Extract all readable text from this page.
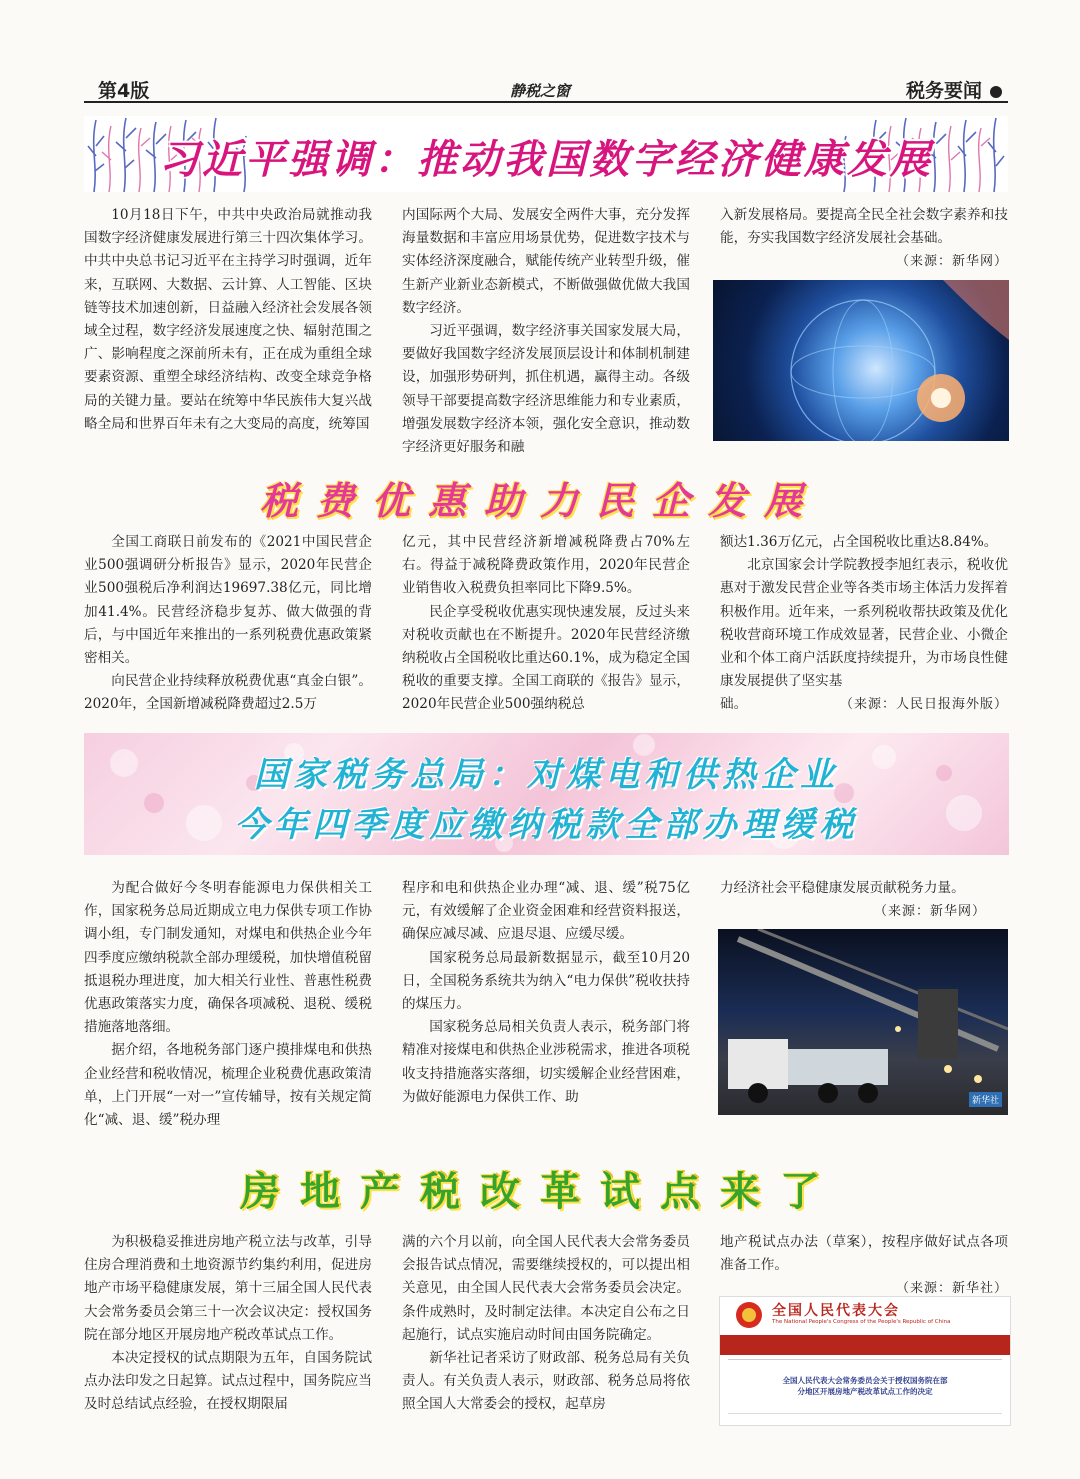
第4版	静税之窗	税务要闻
习近平强调：推动我国数字经济健康发展

10月18日下午，中共中央政治局就推动我国数字经济健康发展进行第三十四次集体学习。中共中央总书记习近平在主持学习时强调，近年来，互联网、大数据、云计算、人工智能、区块链等技术加速创新，日益融入经济社会发展各领域全过程，数字经济发展速度之快、辐射范围之广、影响程度之深前所未有，正在成为重组全球要素资源、重塑全球经济结构、改变全球竞争格局的关键力量。要站在统筹中华民族伟大复兴战略全局和世界百年未有之大变局的高度，统筹国

内国际两个大局、发展安全两件大事，充分发挥海量数据和丰富应用场景优势，促进数字技术与实体经济深度融合，赋能传统产业转型升级，催生新产业新业态新模式，不断做强做优做大我国数字经济。

习近平强调，数字经济事关国家发展大局，要做好我国数字经济发展顶层设计和体制机制建设，加强形势研判，抓住机遇，赢得主动。各级领导干部要提高数字经济思维能力和专业素质，增强发展数字经济本领，强化安全意识，推动数字经济更好服务和融

入新发展格局。要提高全民全社会数字素养和技能，夯实我国数字经济发展社会基础。

（来源：新华网）
税费优惠助力民企发展

全国工商联日前发布的《2021中国民营企业500强调研分析报告》显示，2020年民营企业500强税后净利润达19697.38亿元，同比增加41.4%。民营经济稳步复苏、做大做强的背后，与中国近年来推出的一系列税费优惠政策紧密相关。

向民营企业持续释放税费优惠“真金白银”。2020年，全国新增减税降费超过2.5万

亿元，其中民营经济新增减税降费占70%左右。得益于减税降费政策作用，2020年民营企业销售收入税费负担率同比下降9.5%。

民企享受税收优惠实现快速发展，反过头来对税收贡献也在不断提升。2020年民营经济缴纳税收占全国税收比重达60.1%，成为稳定全国税收的重要支撑。全国工商联的《报告》显示，2020年民营企业500强纳税总

额达1.36万亿元，占全国税收比重达8.84%。

北京国家会计学院教授李旭红表示，税收优惠对于激发民营企业等各类市场主体活力发挥着积极作用。近年来，一系列税收帮扶政策及优化税收营商环境工作成效显著，民营企业、小微企业和个体工商户活跃度持续提升，为市场良性健康发展提供了坚实基

础。	（来源：人民日报海外版）
国家税务总局：对煤电和供热企业
今年四季度应缴纳税款全部办理缓税

为配合做好今冬明春能源电力保供相关工作，国家税务总局近期成立电力保供专项工作协调小组，专门制发通知，对煤电和供热企业今年四季度应缴纳税款全部办理缓税，加快增值税留抵退税办理进度，加大相关行业性、普惠性税费优惠政策落实力度，确保各项减税、退税、缓税措施落地落细。

据介绍，各地税务部门逐户摸排煤电和供热企业经营和税收情况，梳理企业税费优惠政策清单，上门开展“一对一”宣传辅导，按有关规定简化“减、退、缓”税办理

程序和电和供热企业办理“减、退、缓”税75亿元，有效缓解了企业资金困难和经营资料报送，确保应减尽减、应退尽退、应缓尽缓。

国家税务总局最新数据显示，截至10月20日，全国税务系统共为纳入“电力保供”税收扶持的煤压力。

国家税务总局相关负责人表示，税务部门将精准对接煤电和供热企业涉税需求，推进各项税收支持措施落实落细，切实缓解企业经营困难，为做好能源电力保供工作、助

力经济社会平稳健康发展贡献税务力量。

（来源：新华网）
新华社
房地产税改革试点来了

为积极稳妥推进房地产税立法与改革，引导住房合理消费和土地资源节约集约利用，促进房地产市场平稳健康发展，第十三届全国人民代表大会常务委员会第三十一次会议决定：授权国务院在部分地区开展房地产税改革试点工作。

本决定授权的试点期限为五年，自国务院试点办法印发之日起算。试点过程中，国务院应当及时总结试点经验，在授权期限届

满的六个月以前，向全国人民代表大会常务委员会报告试点情况，需要继续授权的，可以提出相关意见，由全国人民代表大会常务委员会决定。条件成熟时，及时制定法律。本决定自公布之日起施行，试点实施启动时间由国务院确定。

新华社记者采访了财政部、税务总局有关负责人。有关负责人表示，财政部、税务总局将依照全国人大常委会的授权，起草房

地产税试点办法（草案），按程序做好试点各项准备工作。

（来源：新华社）
全国人民代表大会
The National People's Congress of the People's Republic of China
全国人民代表大会常务委员会关于授权国务院在部分地区开展房地产税改革试点工作的决定
